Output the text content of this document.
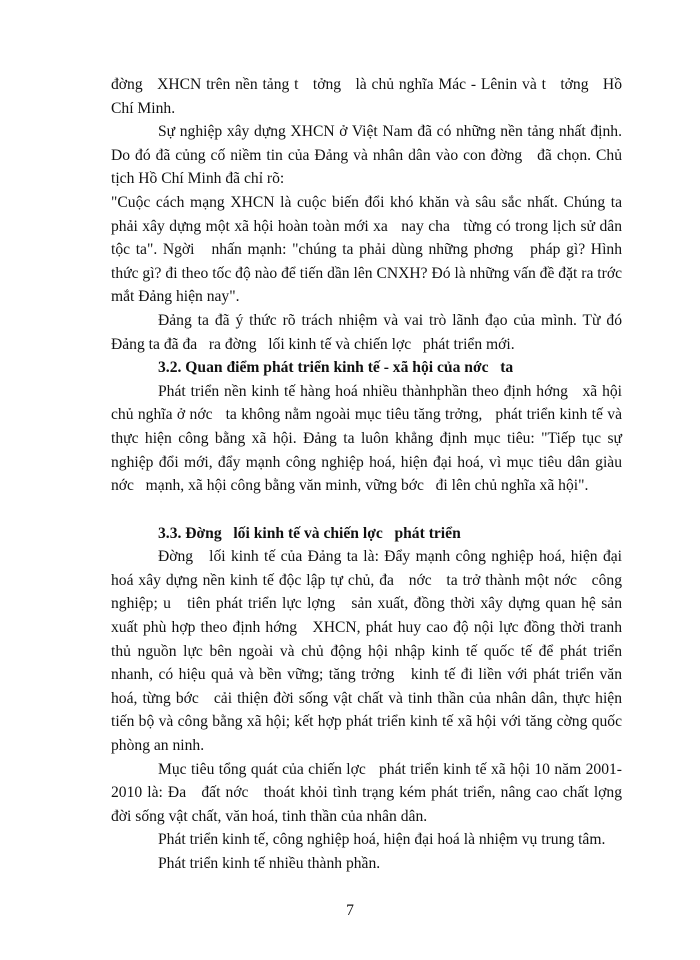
đờng   XHCN trên nền tảng t   tởng   là chủ nghĩa Mác - Lênin và t   tởng   Hồ Chí Minh.

Sự nghiệp xây dựng XHCN ở Việt Nam đã có những nền tảng nhất định. Do đó đã củng cố niềm tin của Đảng và nhân dân vào con đờng   đã chọn. Chủ tịch Hồ Chí Minh đã chỉ rõ:

"Cuộc cách mạng XHCN là cuộc biến đổi khó khăn và sâu sắc nhất. Chúng ta phải xây dựng một xã hội hoàn toàn mới xa   nay cha   từng có trong lịch sử dân tộc ta". Ngời   nhấn mạnh: "chúng ta phải dùng những phơng   pháp gì? Hình thức gì? đi theo tốc độ nào để tiến dần lên CNXH? Đó là những vấn đề đặt ra trớc   mắt Đảng hiện nay".

Đảng ta đã ý thức rõ trách nhiệm và vai trò lãnh đạo của mình. Từ đó Đảng ta đã đa   ra đờng   lối kinh tế và chiến lợc   phát triển mới.

3.2. Quan điểm phát triển kinh tế - xã hội của nớc   ta

Phát triển nền kinh tế hàng hoá nhiều thànhphần theo định hớng   xã hội chủ nghĩa ở nớc   ta không nằm ngoài mục tiêu tăng trởng,   phát triển kinh tế và thực hiện công bằng xã hội. Đảng ta luôn khẳng định mục tiêu: "Tiếp tục sự nghiệp đổi mới, đẩy mạnh công nghiệp hoá, hiện đại hoá, vì mục tiêu dân giàu nớc   mạnh, xã hội công bằng văn minh, vững bớc   đi lên chủ nghĩa xã hội".

3.3. Đờng   lối kinh tế và chiến lợc   phát triển

Đờng   lối kinh tế của Đảng ta là: Đẩy mạnh công nghiệp hoá, hiện đại hoá xây dựng nền kinh tế độc lập tự chủ, đa   nớc   ta trở thành một nớc   công nghiệp; u   tiên phát triển lực lợng   sản xuất, đồng thời xây dựng quan hệ sản xuất phù hợp theo định hớng   XHCN, phát huy cao độ nội lực đồng thời tranh thủ nguồn lực bên ngoài và chủ động hội nhập kinh tế quốc tế để phát triển nhanh, có hiệu quả và bền vững; tăng trởng   kinh tế đi liền với phát triển văn hoá, từng bớc   cải thiện đời sống vật chất và tinh thần của nhân dân, thực hiện tiến bộ và công bằng xã hội; kết hợp phát triển kinh tế xã hội với tăng cờng quốc phòng an ninh.

Mục tiêu tổng quát của chiến lợc   phát triển kinh tế xã hội 10 năm 2001-2010 là: Đa   đất nớc   thoát khỏi tình trạng kém phát triển, nâng cao chất lợng   đời sống vật chất, văn hoá, tinh thần của nhân dân.

Phát triển kinh tế, công nghiệp hoá, hiện đại hoá là nhiệm vụ trung tâm.

Phát triển kinh tế nhiều thành phần.

7
